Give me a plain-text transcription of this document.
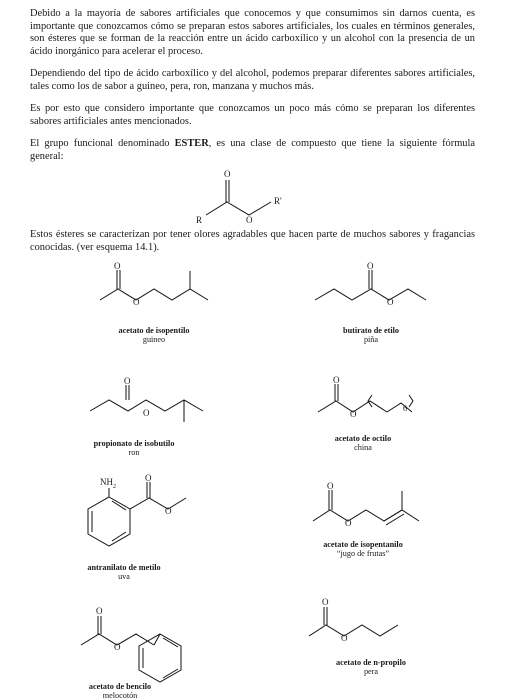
Debido a la mayoría de sabores artificiales que conocemos y que consumimos sin darnos cuenta, es importante que conozcamos cómo se preparan estos sabores artificiales, los cuales en términos generales, son ésteres que se forman de la reacción entre un ácido carboxílico y un alcohol con la presencia de un ácido inorgánico para acelerar el proceso.
Dependiendo del tipo de ácido carboxílico y del alcohol, podemos preparar diferentes sabores artificiales, tales como los de sabor a guineo, pera, ron, manzana y muchos más.
Es por esto que considero importante que conozcamos un poco más cómo se preparan los diferentes sabores artificiales antes mencionados.
El grupo funcional denominado ESTER, es una clase de compuesto que tiene la siguiente fórmula general:
Estos ésteres se caracterizan por tener olores agradables que hacen parte de muchos sabores y fragancias conocidas. (ver esquema 14.1).
O
R	O
R'
O
O
O
O
O
O
O
O
6
$NH_2$
O
O
O
O
O
O
O
O
acetato de isopentilo
guineo
butirato de etilo
piña
propionato de isobutilo
ron
acetato de octilo
china
antranilato de metilo
uva
acetato de isopentanilo
“jugo de frutas”
acetato de bencilo
melocotón
acetato de n-propilo
pera
